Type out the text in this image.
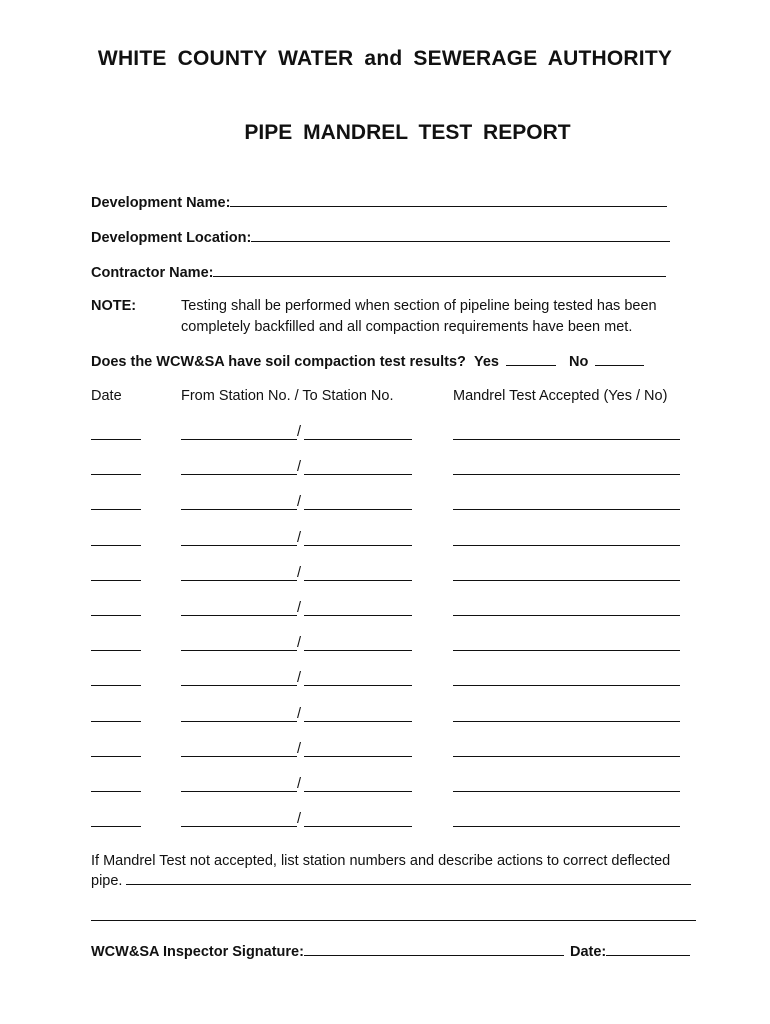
WHITE COUNTY WATER and SEWERAGE AUTHORITY
PIPE MANDREL TEST REPORT
Development Name:
Development Location:
Contractor Name:
NOTE:	Testing shall be performed when section of pipeline being tested has been
completely backfilled and all compaction requirements have been met.
Does the WCW&SA have soil compaction test results? Yes	No
Date	From Station No. / To Station No.	Mandrel Test Accepted (Yes / No)
/
/
/
/
/
/
/
/
/
/
/
/
If Mandrel Test not accepted, list station numbers and describe actions to correct deflected
pipe.
WCW&SA Inspector Signature:	Date:
